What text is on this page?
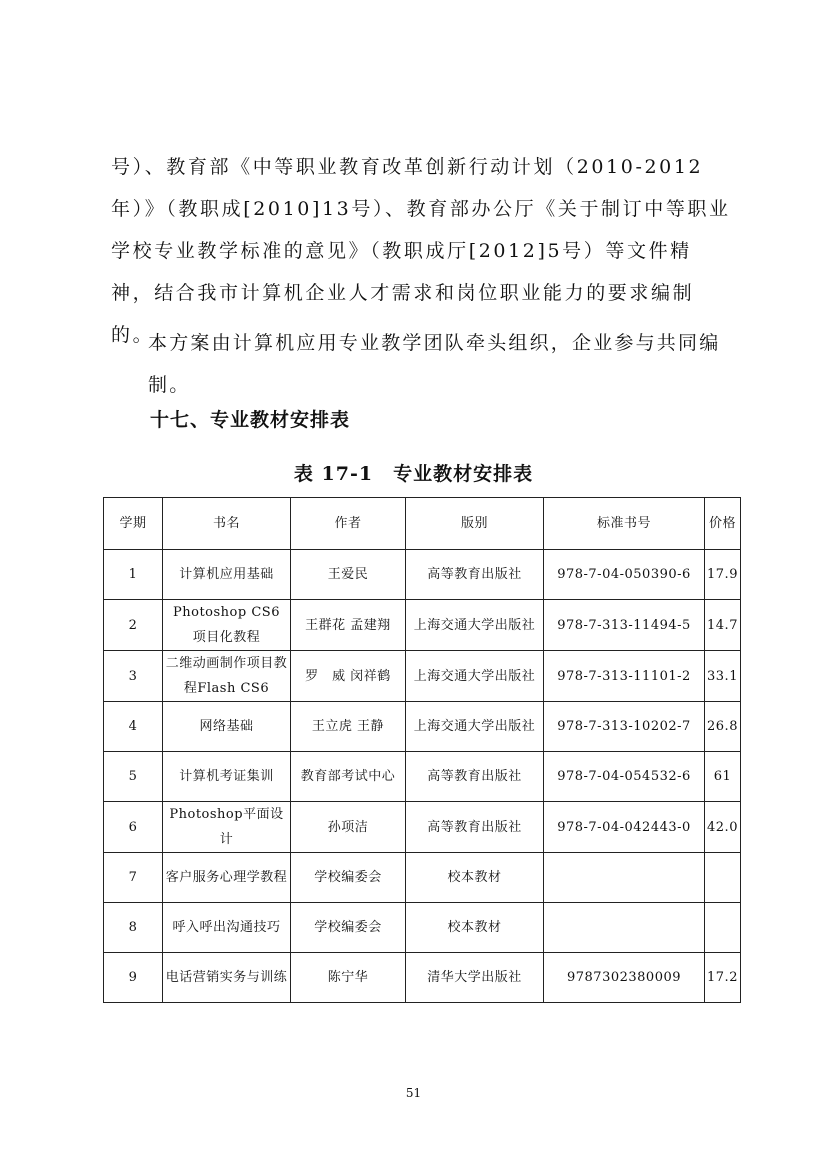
号）、教育部《中等职业教育改革创新行动计划（2010-2012年）》（教职成[2010]13号）、教育部办公厅《关于制订中等职业学校专业教学标准的意见》（教职成厅[2012]5号）等文件精神，结合我市计算机企业人才需求和岗位职业能力的要求编制的。

本方案由计算机应用专业教学团队牵头组织，企业参与共同编制。

十七、专业教材安排表
表 17-1　专业教材安排表
学期	书名	作者	版别	标准书号	价格
1	计算机应用基础	王爱民	高等教育出版社	978-7-04-050390-6	17.9
2	Photoshop CS6 项目化教程	王群花 孟建翔	上海交通大学出版社	978-7-313-11494-5	14.7
3	二维动画制作项目教程Flash CS6	罗　威 闵祥鹤	上海交通大学出版社	978-7-313-11101-2	33.1
4	网络基础	王立虎 王静	上海交通大学出版社	978-7-313-10202-7	26.8
5	计算机考证集训	教育部考试中心	高等教育出版社	978-7-04-054532-6	61
6	Photoshop平面设计	孙项洁	高等教育出版社	978-7-04-042443-0	42.0
7	客户服务心理学教程	学校编委会	校本教材		
8	呼入呼出沟通技巧	学校编委会	校本教材		
9	电话营销实务与训练	陈宁华	清华大学出版社	9787302380009	17.2
51
